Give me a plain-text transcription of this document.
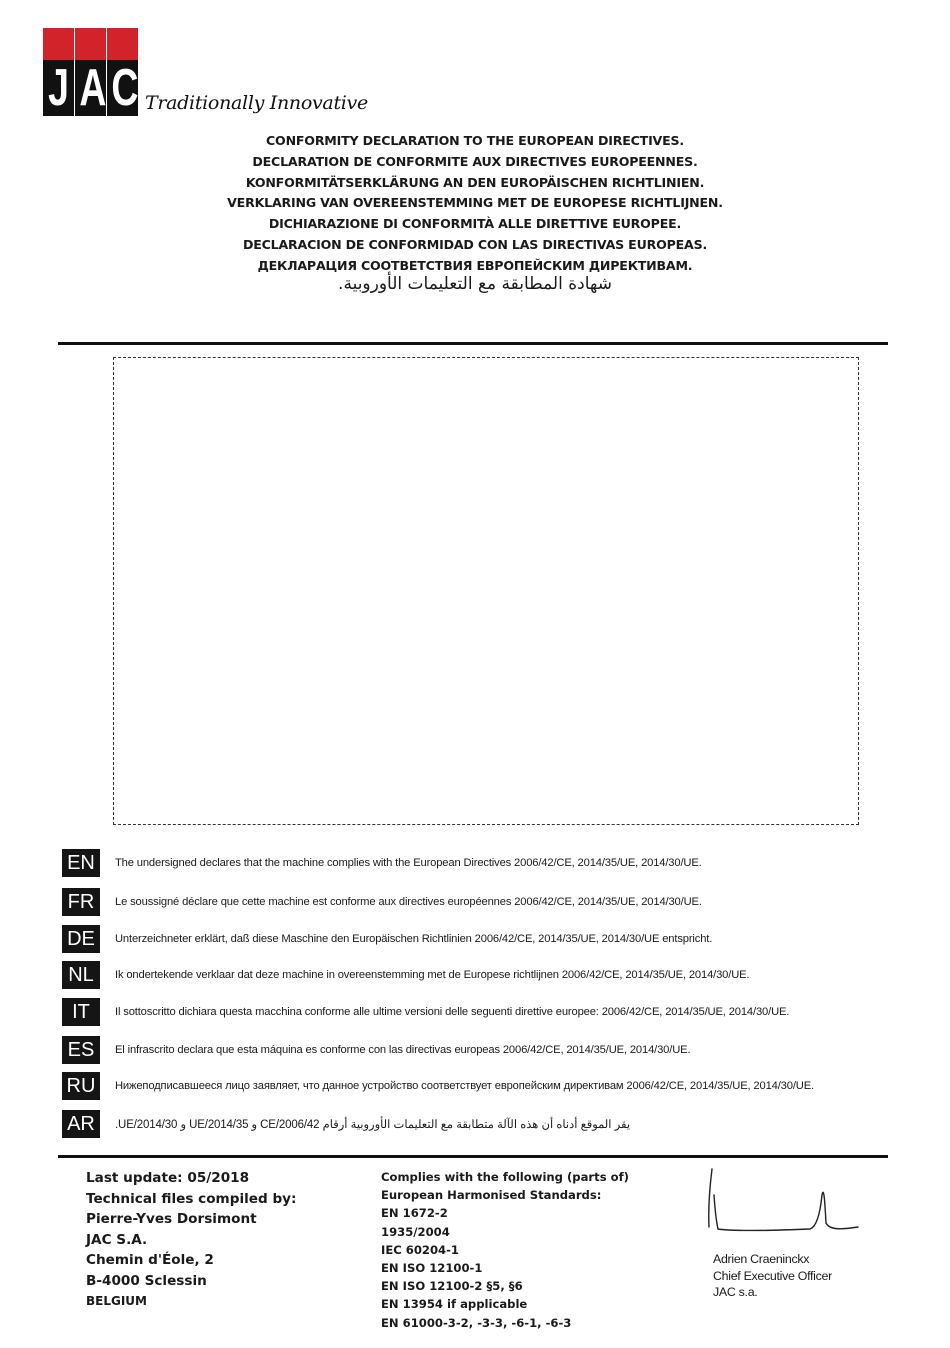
J A C Traditionally Innovative
CONFORMITY DECLARATION TO THE EUROPEAN DIRECTIVES.
DECLARATION DE CONFORMITE AUX DIRECTIVES EUROPEENNES.
KONFORMITÄTSERKLÄRUNG AN DEN EUROPÄISCHEN RICHTLINIEN.
VERKLARING VAN OVEREENSTEMMING MET DE EUROPESE RICHTLIJNEN.
DICHIARAZIONE DI CONFORMITÀ ALLE DIRETTIVE EUROPEE.
DECLARACION DE CONFORMIDAD CON LAS DIRECTIVAS EUROPEAS.
ДЕКЛАРАЦИЯ СООТВЕТСТВИЯ ЕВРОПЕЙСКИМ ДИРЕКТИВАМ.
شهادة المطابقة مع التعليمات الأوروبية.
EN	The undersigned declares that the machine complies with the European Directives 2006/42/CE, 2014/35/UE, 2014/30/UE.
FR	Le soussigné déclare que cette machine est conforme aux directives européennes 2006/42/CE, 2014/35/UE, 2014/30/UE.
DE	Unterzeichneter erklärt, daß diese Maschine den Europäischen Richtlinien 2006/42/CE, 2014/35/UE, 2014/30/UE entspricht.
NL	Ik ondertekende verklaar dat deze machine in overeenstemming met de Europese richtlijnen 2006/42/CE, 2014/35/UE, 2014/30/UE.
IT	Il sottoscritto dichiara questa macchina conforme alle ultime versioni delle seguenti direttive europee: 2006/42/CE, 2014/35/UE, 2014/30/UE.
ES	El infrascrito declara que esta máquina es conforme con las directivas europeas 2006/42/CE, 2014/35/UE, 2014/30/UE.
RU	Нижеподписавшееся лицо заявляет, что данное устройство соответствует европейским директивам 2006/42/CE, 2014/35/UE, 2014/30/UE.
AR	يقر الموقع أدناه أن هذه الآلة متطابقة مع التعليمات الأوروبية أرقام CE/2006/42 و UE/2014/35 و UE/2014/30.
Last update: 05/2018
Technical files compiled by:
Pierre-Yves Dorsimont
JAC S.A.
Chemin d'Éole, 2
B-4000 Sclessin
BELGIUM
Complies with the following (parts of)
European Harmonised Standards:
EN 1672-2
1935/2004
IEC 60204-1
EN ISO 12100-1
EN ISO 12100-2 §5, §6
EN 13954 if applicable
EN 61000-3-2, -3-3, -6-1, -6-3
Adrien Craeninckx
Chief Executive Officer
JAC s.a.
